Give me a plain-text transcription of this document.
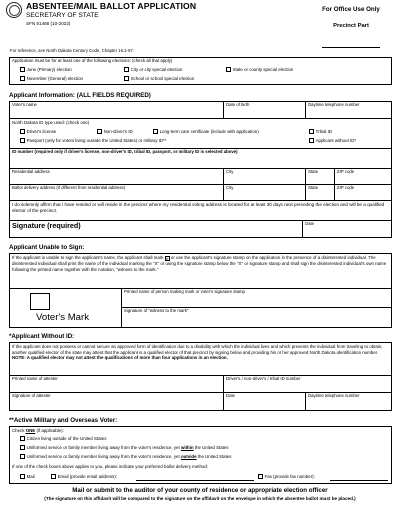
ABSENTEE/MAIL BALLOT APPLICATION
SECRETARY OF STATE
SFN 51468 (10-2022)
For Office Use Only
Precinct Part
For reference, see North Dakota Century Code, Chapter 16.1-07.
Application must be for at least one of the following elections: (check all that apply)
June (Primary) election	City or city special election	State or county special election
November (General) election	School or school special election
Applicant Information: (ALL FIELDS REQUIRED)
Voter's name	Date of birth	Daytime telephone number
North Dakota ID type used: (check one)
Driver's license	Non-driver's ID	Long-term care certificate (include with application)	Tribal ID
Passport (only for voters living outside the United States) or military ID**	Applicant without ID*
ID number (required only if driver's license, non-driver's ID, tribal ID, passport, or military ID is selected above)
Residential address	City	State	ZIP code
Ballot delivery address (if different from residential address)	City	State	ZIP code
I do solemnly affirm that I have resided or will reside in the precinct where my residential voting address is located for at least 30 days next preceding the election and will be a qualified elector of the precinct.
Signature (required)	Date
Applicant Unable to Sign:
If the applicant is unable to sign the applicant's name, the applicant shall mark ✕ or use the applicant's signature stamp on the application in the presence of a disinterested individual. The disinterested individual shall print the name of the individual marking the "X" or using the signature stamp below the "X" or signature stamp and shall sign the disinterested individual's own name following the printed name together with the notation, "witness to the mark."
Voter's Mark
Printed name of person making mark or voter's signature stamp
Signature of "witness to the mark"
*Applicant Without ID:
If the applicant does not possess or cannot secure an approved form of identification due to a disability with which the individual lives and which prevents the individual from traveling to obtain, another qualified elector of the state may attest that the applicant is a qualified elector of that precinct by signing below and providing his or her approved North Dakota identification number. NOTE: A qualified elector may not attest the qualifications of more than four applications in an election.
Printed name of attester	Driver's / non-driver's / tribal ID number
Signature of attester	Date	Daytime telephone number
**Active Military and Overseas Voter:
Check ONE (if applicable):
Citizen living outside of the United States
Uniformed service or family member living away from the voter's residence, yet within the United States
Uniformed service or family member living away from the voter's residence, yet outside the United States
If one of the check boxes above applies to you, please indicate your preferred ballot delivery method:
Mail	Email (provide email address):	Fax (provide fax number):
Mail or submit to the auditor of your county of residence or appropriate election officer
(The signature on this affidavit will be compared to the signature on the affidavit on the envelope in which the absentee ballot must be placed.)
